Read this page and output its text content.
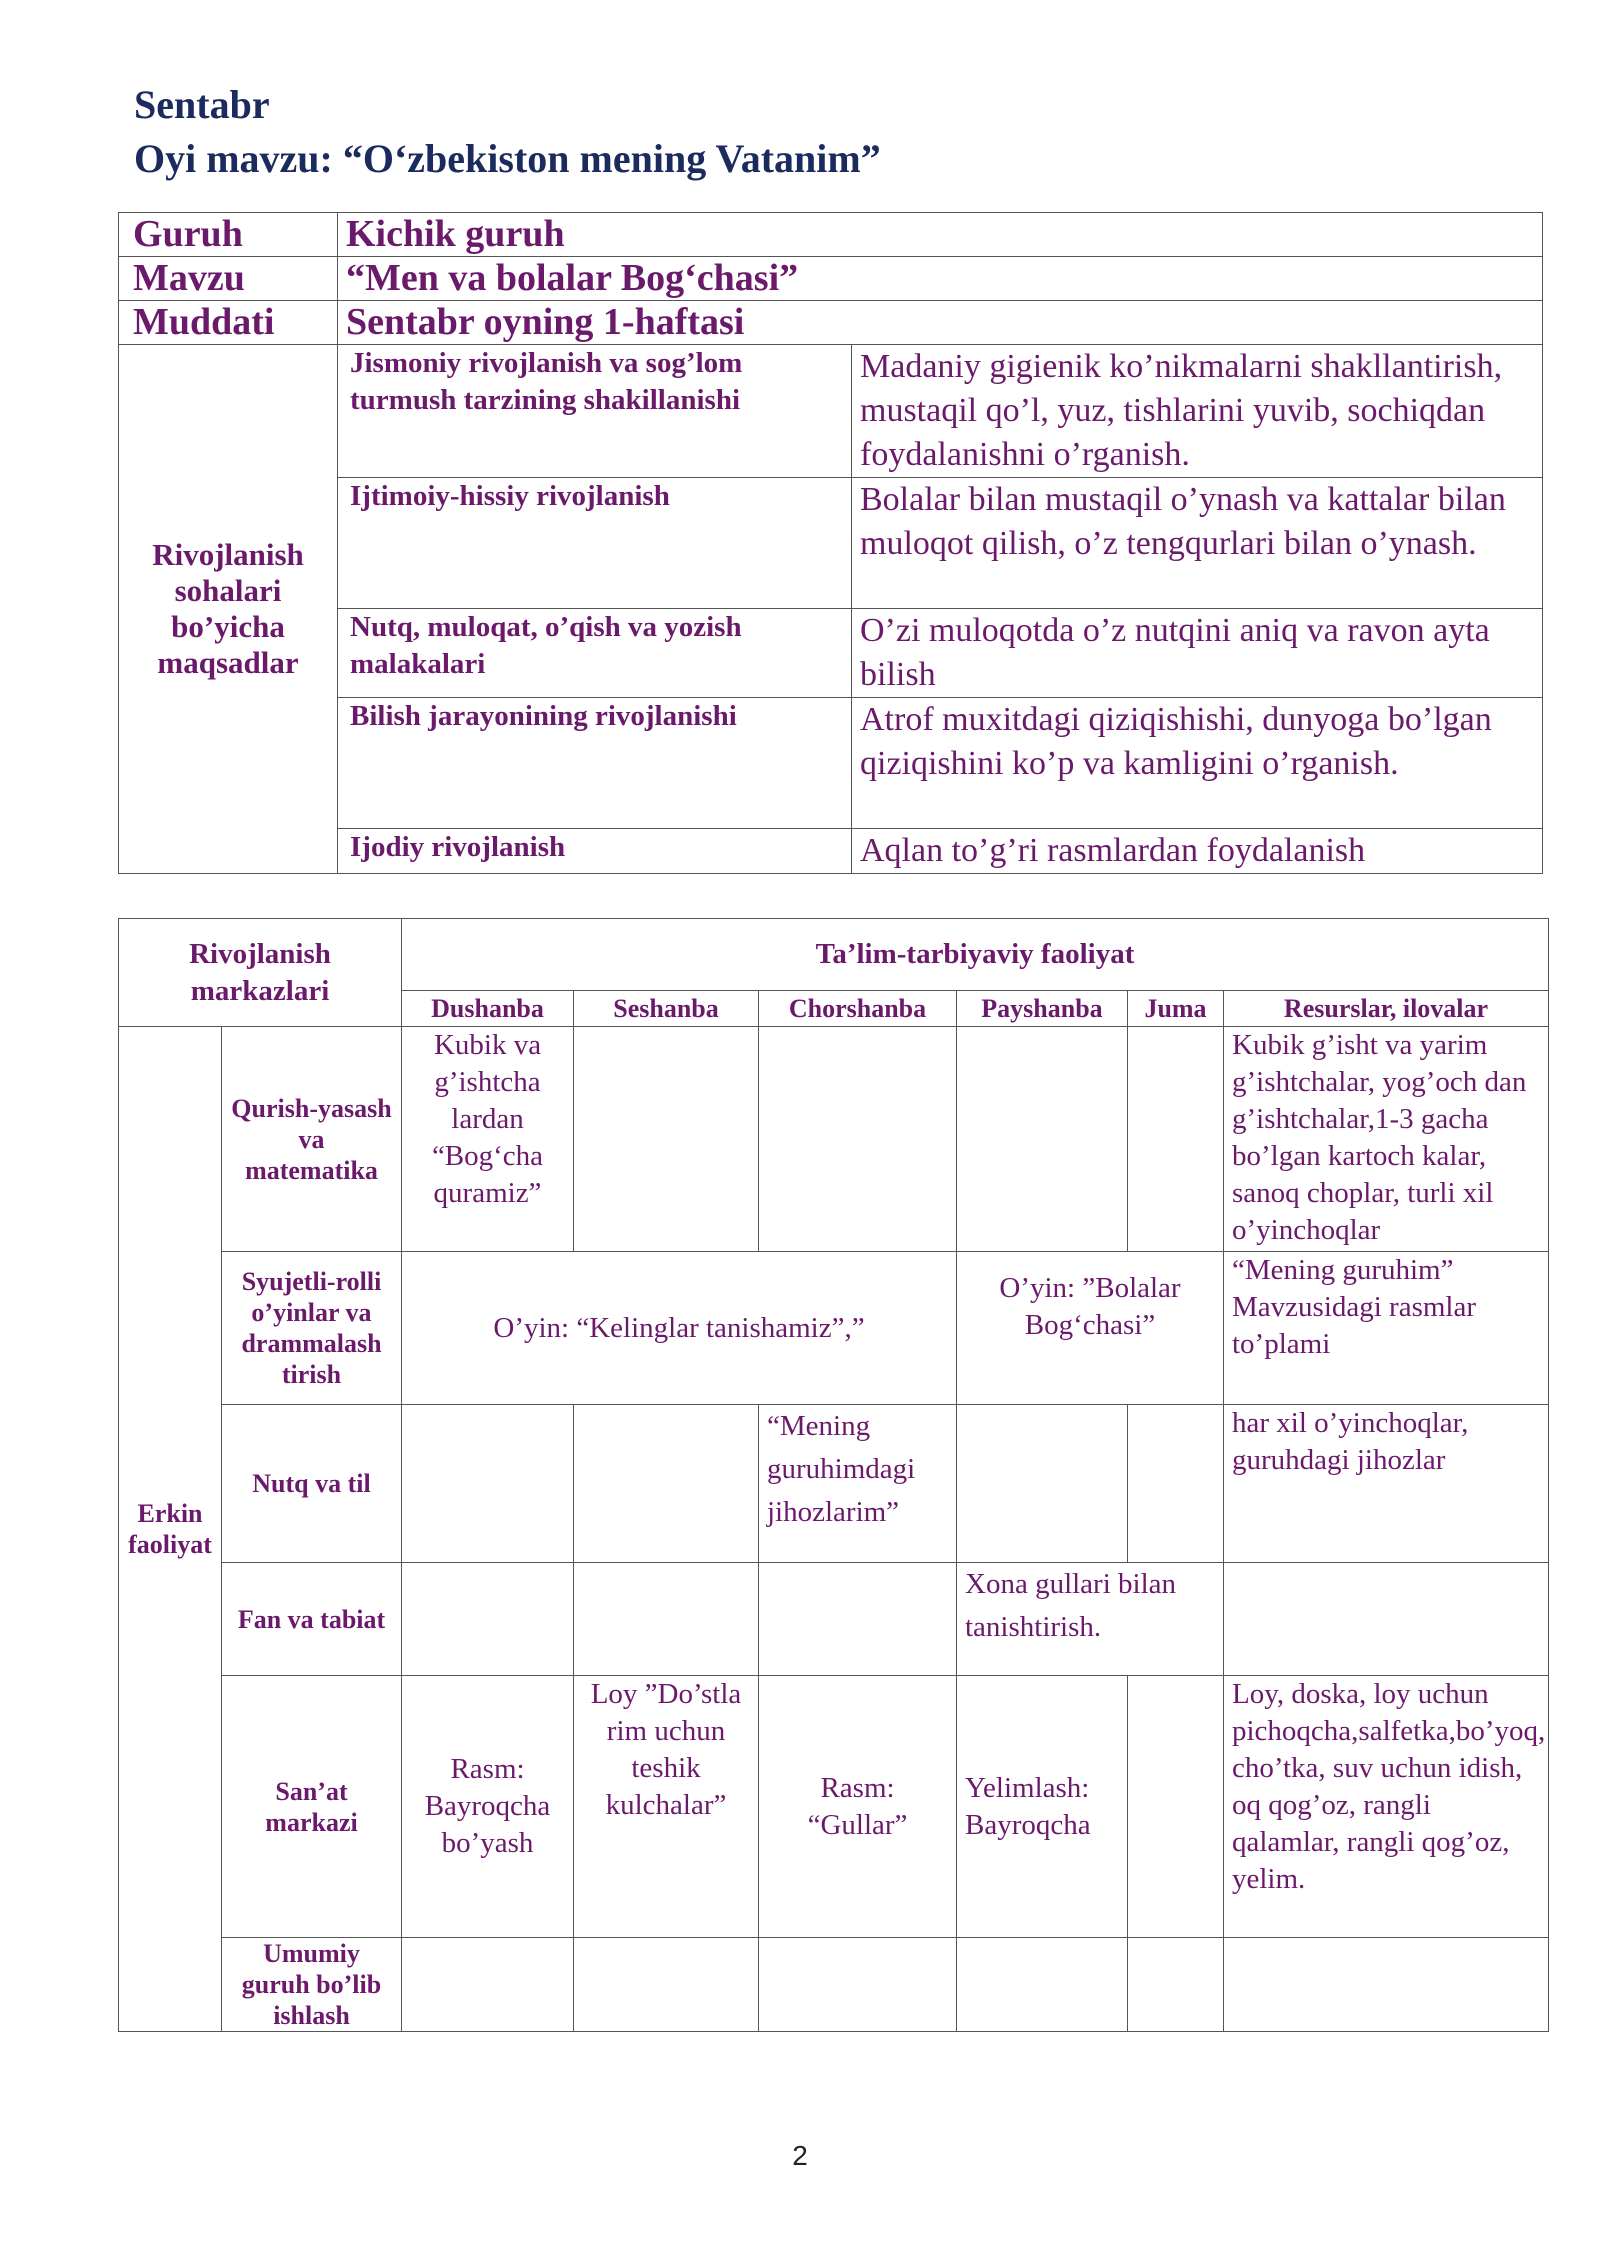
Sentabr
Oyi mavzu: “O‘zbekiston mening Vatanim”
Guruh	Kichik guruh	
Mavzu	“Men va bolalar Bog‘chasi”	
Muddati	Sentabr oyning 1-haftasi	
Rivojlanish sohalari bo’yicha maqsadlar	Jismoniy rivojlanish va sog’lom turmush tarzining shakillanishi	Madaniy gigienik ko’nikmalarni shakllantirish, mustaqil qo’l, yuz, tishlarini yuvib, sochiqdan foydalanishni o’rganish.
	Ijtimoiy-hissiy rivojlanish	Bolalar bilan mustaqil o’ynash va kattalar bilan muloqot qilish, o’z tengqurlari bilan o’ynash.
	Nutq, muloqat, o’qish va yozish malakalari	O’zi muloqotda o’z nutqini aniq va ravon ayta bilish
	Bilish jarayonining rivojlanishi	Atrof muxitdagi qiziqishishi, dunyoga bo’lgan qiziqishini ko’p va kamligini o’rganish.
	Ijodiy rivojlanish	Aqlan to’g’ri rasmlardan foydalanish
Rivojlanish markazlari		Ta’lim-tarbiyaviy faoliyat					
		Dushanba	Seshanba	Chorshanba	Payshanba	Juma	Resurslar, ilovalar
Erkin faoliyat	Qurish-yasash va matematika	Kubik va g’ishtcha lardan “Bog‘cha quramiz”					Kubik g’isht va yarim g’ishtchalar, yog’och dan g’ishtchalar,1-3 gacha bo’lgan kartoch kalar, sanoq choplar, turli xil o’yinchoqlar
	Syujetli-rolli o’yinlar va drammalash tirish	O’yin: “Kelinglar tanishamiz”,”			O’yin: ”Bolalar Bog‘chasi”		“Mening guruhim” Mavzusidagi rasmlar to’plami
	Nutq va til			“Mening guruhimdagi jihozlarim”			har xil o’yinchoqlar, guruhdagi jihozlar
	Fan va tabiat				Xona gullari bilan tanishtirish.		
	San’at markazi	Rasm: Bayroqcha bo’yash	Loy ”Do’stla rim uchun teshik kulchalar”	Rasm: “Gullar”	Yelimlash: Bayroqcha		Loy, doska, loy uchun pichoqcha,salfetka,bo’yoq, cho’tka, suv uchun idish, oq qog’oz, rangli qalamlar, rangli qog’oz, yelim.
	Umumiy guruh bo’lib ishlash						
2
